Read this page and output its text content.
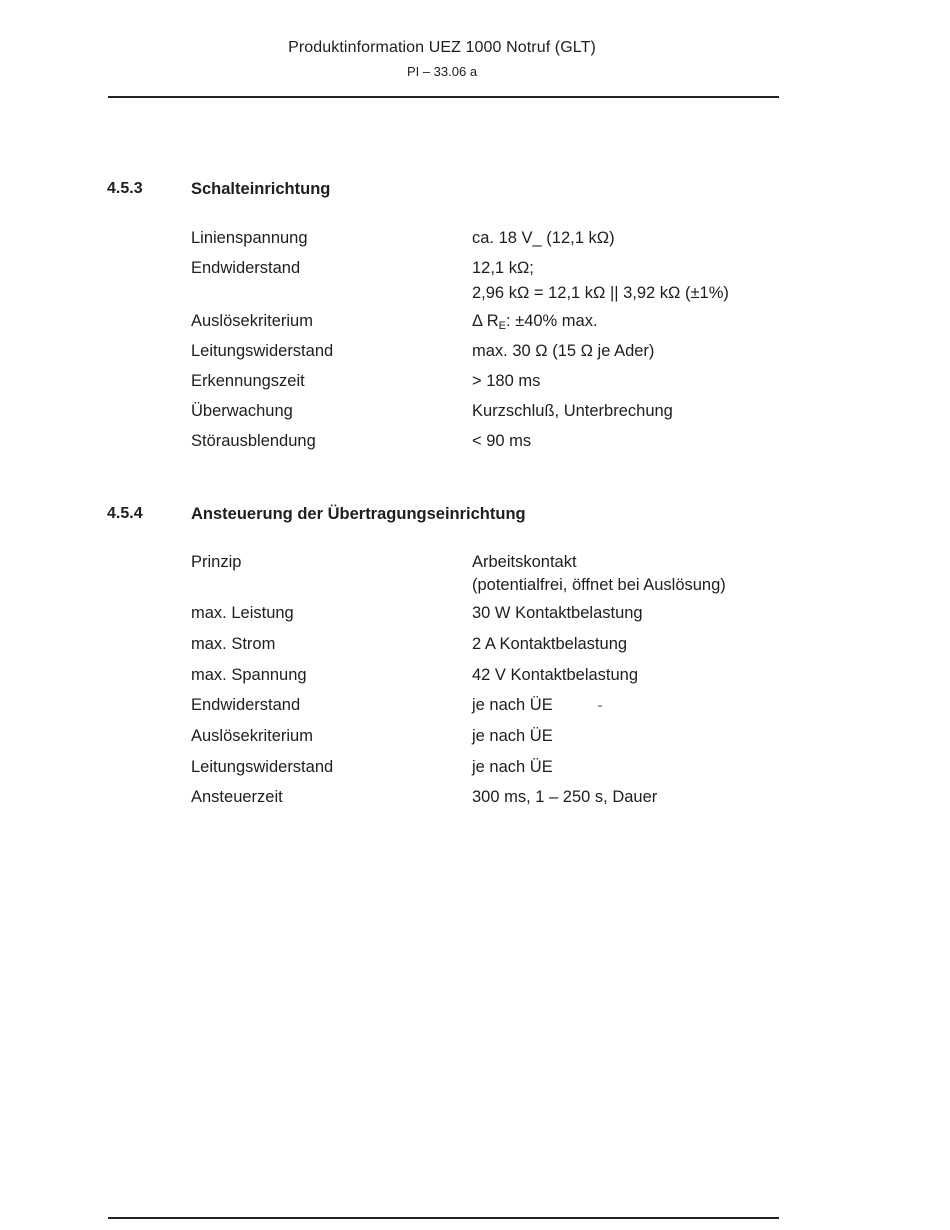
Produktinformation UEZ 1000 Notruf (GLT)
PI – 33.06 a
4.5.3	Schalteinrichtung
Linienspannung	ca. 18 V_ (12,1 kΩ)
Endwiderstand	12,1 kΩ;
2,96 kΩ = 12,1 kΩ || 3,92 kΩ (±1%)
Auslösekriterium	Δ $R_E$: ±40% max.
Leitungswiderstand	max. 30 Ω (15 Ω je Ader)
Erkennungszeit	> 180 ms
Überwachung	Kurzschluß, Unterbrechung
Störausblendung	< 90 ms
4.5.4	Ansteuerung der Übertragungseinrichtung
Prinzip	Arbeitskontakt
(potentialfrei, öffnet bei Auslösung)
max. Leistung	30 W Kontaktbelastung
max. Strom	2 A Kontaktbelastung
max. Spannung	42 V Kontaktbelastung
Endwiderstand	je nach ÜE
Auslösekriterium	je nach ÜE
Leitungswiderstand	je nach ÜE
Ansteuerzeit	300 ms, 1 – 250 s, Dauer
